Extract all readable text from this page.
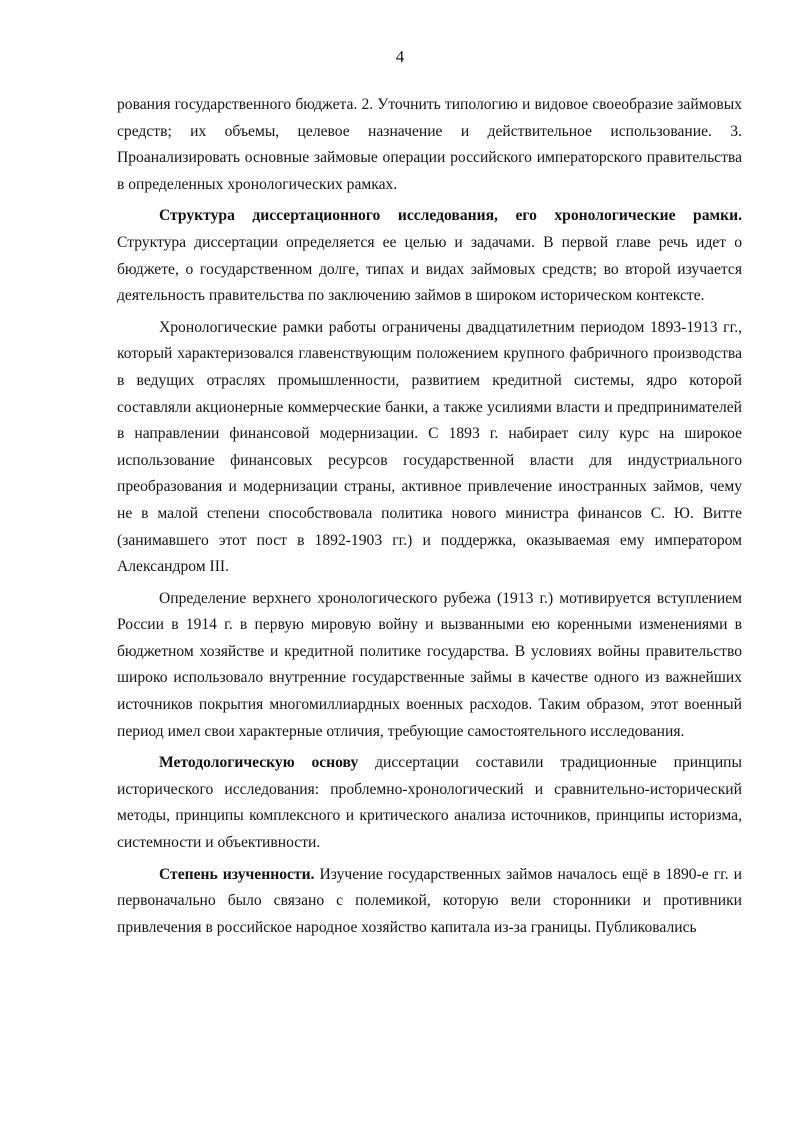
4

рования государственного бюджета. 2. Уточнить типологию и видовое своеобразие займовых средств; их объемы, целевое назначение и действительное использование. 3. Проанализировать основные займовые операции российского императорского правительства в определенных хронологических рамках.

Структура диссертационного исследования, его хронологические рамки. Структура диссертации определяется ее целью и задачами. В первой главе речь идет о бюджете, о государственном долге, типах и видах займовых средств; во второй изучается деятельность правительства по заключению займов в широком историческом контексте.

Хронологические рамки работы ограничены двадцатилетним периодом 1893-1913 гг., который характеризовался главенствующим положением крупного фабричного производства в ведущих отраслях промышленности, развитием кредитной системы, ядро которой составляли акционерные коммерческие банки, а также усилиями власти и предпринимателей в направлении финансовой модернизации. С 1893 г. набирает силу курс на широкое использование финансовых ресурсов государственной власти для индустриального преобразования и модернизации страны, активное привлечение иностранных займов, чему не в малой степени способствовала политика нового министра финансов С. Ю. Витте (занимавшего этот пост в 1892-1903 гг.) и поддержка, оказываемая ему императором Александром III.

Определение верхнего хронологического рубежа (1913 г.) мотивируется вступлением России в 1914 г. в первую мировую войну и вызванными ею коренными изменениями в бюджетном хозяйстве и кредитной политике государства. В условиях войны правительство широко использовало внутренние государственные займы в качестве одного из важнейших источников покрытия многомиллиардных военных расходов. Таким образом, этот военный период имел свои характерные отличия, требующие самостоятельного исследования.

Методологическую основу диссертации составили традиционные принципы исторического исследования: проблемно-хронологический и сравнительно-исторический методы, принципы комплексного и критического анализа источников, принципы историзма, системности и объективности.

Степень изученности. Изучение государственных займов началось ещё в 1890-е гг. и первоначально было связано с полемикой, которую вели сторонники и противники привлечения в российское народное хозяйство капитала из-за границы. Публиковались
